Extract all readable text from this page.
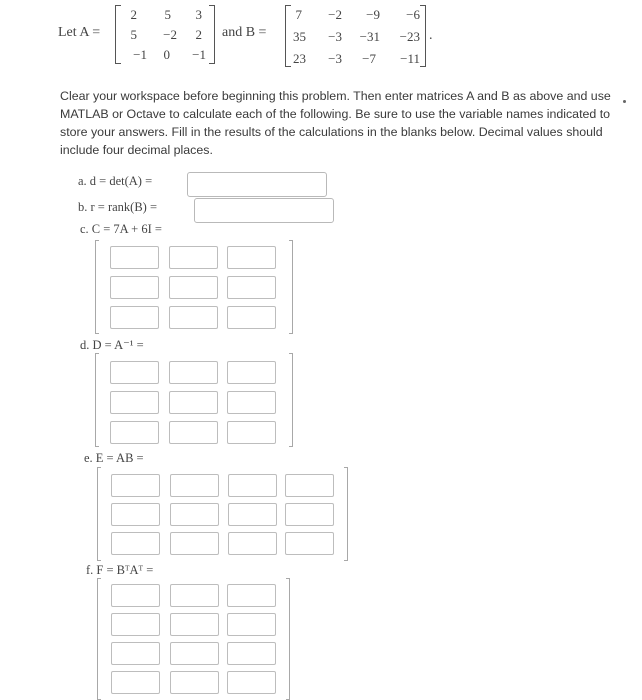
Let A =
2	5	3
5	−2	2
−1	0	−1
and B =
7	−2	−9	−6
35	−3	−31	−23
23	−3	−7	−11
.
Clear your workspace before beginning this problem. Then enter matrices A and B as above and use MATLAB or Octave to calculate each of the following. Be sure to use the variable names indicated to store your answers. Fill in the results of the calculations in the blanks below. Decimal values should include four decimal places.
a. d = det(A) =
b. r = rank(B) =
c. C = 7A + 6I =
d. D = A⁻¹ =
e. E = AB =
f. F = BᵀAᵀ =
